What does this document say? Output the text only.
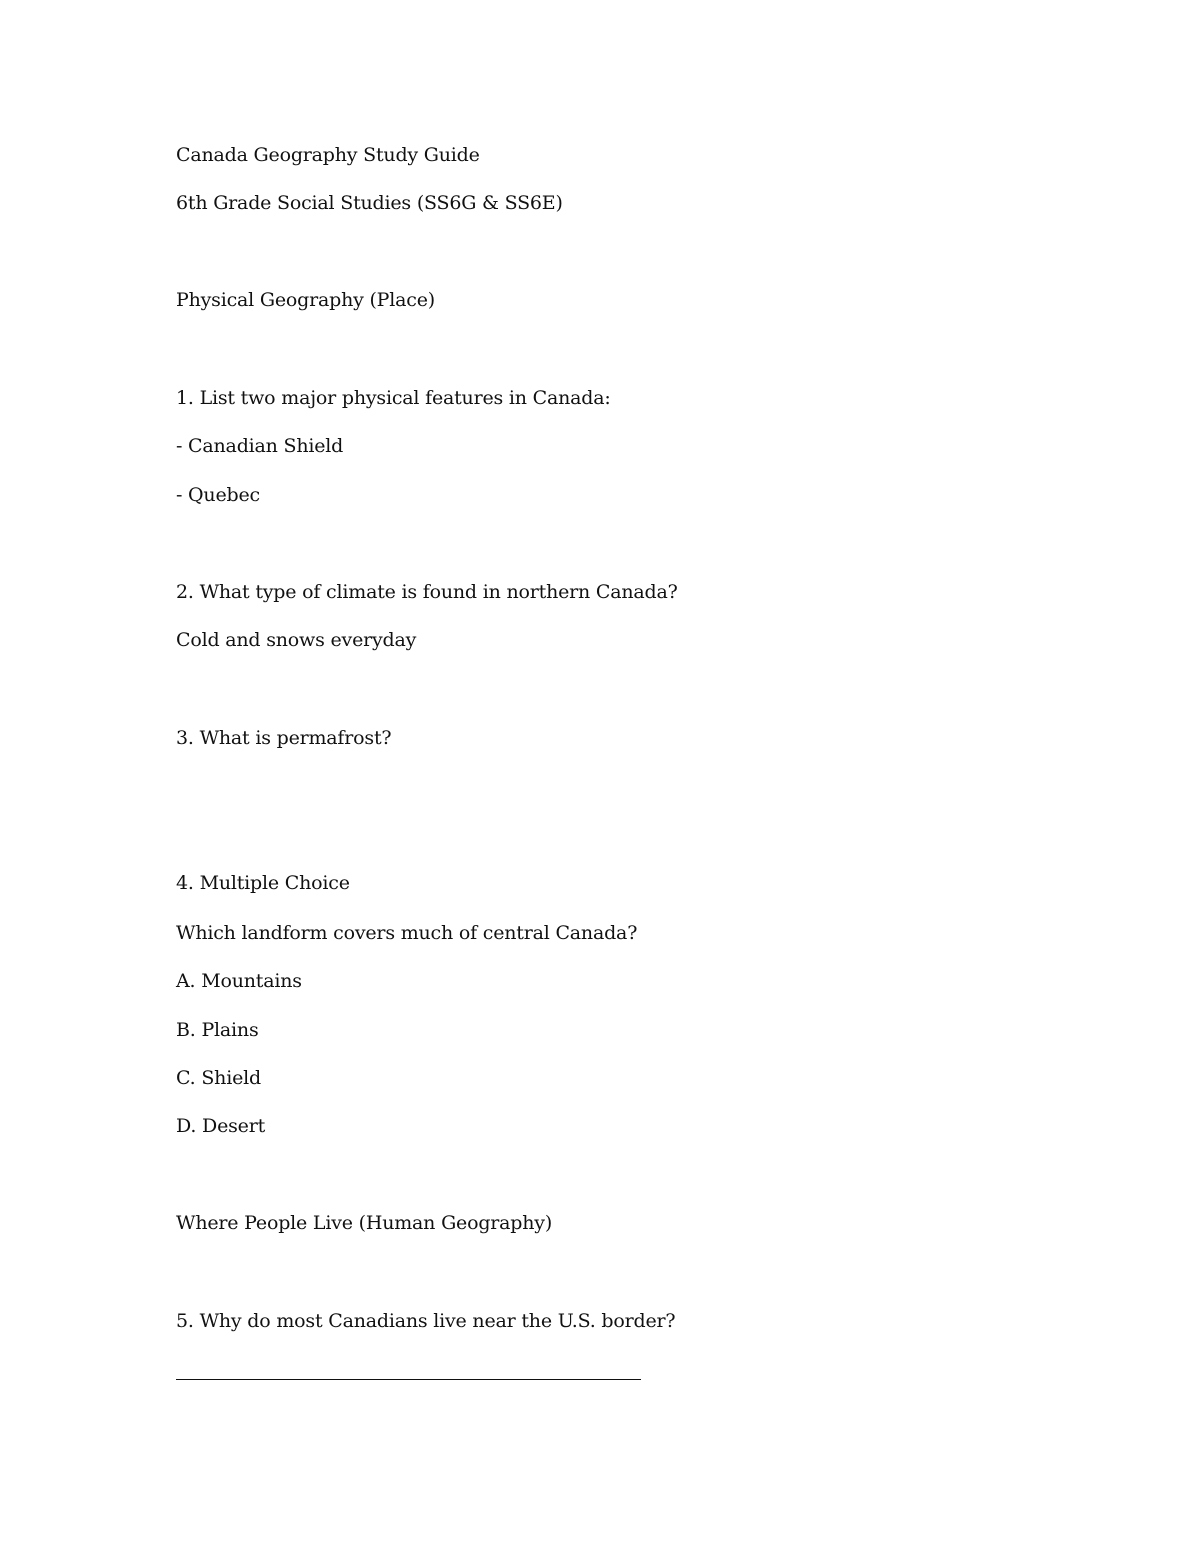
Canada Geography Study Guide
6th Grade Social Studies (SS6G & SS6E)
Physical Geography (Place)
1. List two major physical features in Canada:
- Canadian Shield
- Quebec
2. What type of climate is found in northern Canada?
Cold and snows everyday
3. What is permafrost?
4. Multiple Choice
Which landform covers much of central Canada?
A. Mountains
B. Plains
C. Shield
D. Desert
Where People Live (Human Geography)
5. Why do most Canadians live near the U.S. border?
